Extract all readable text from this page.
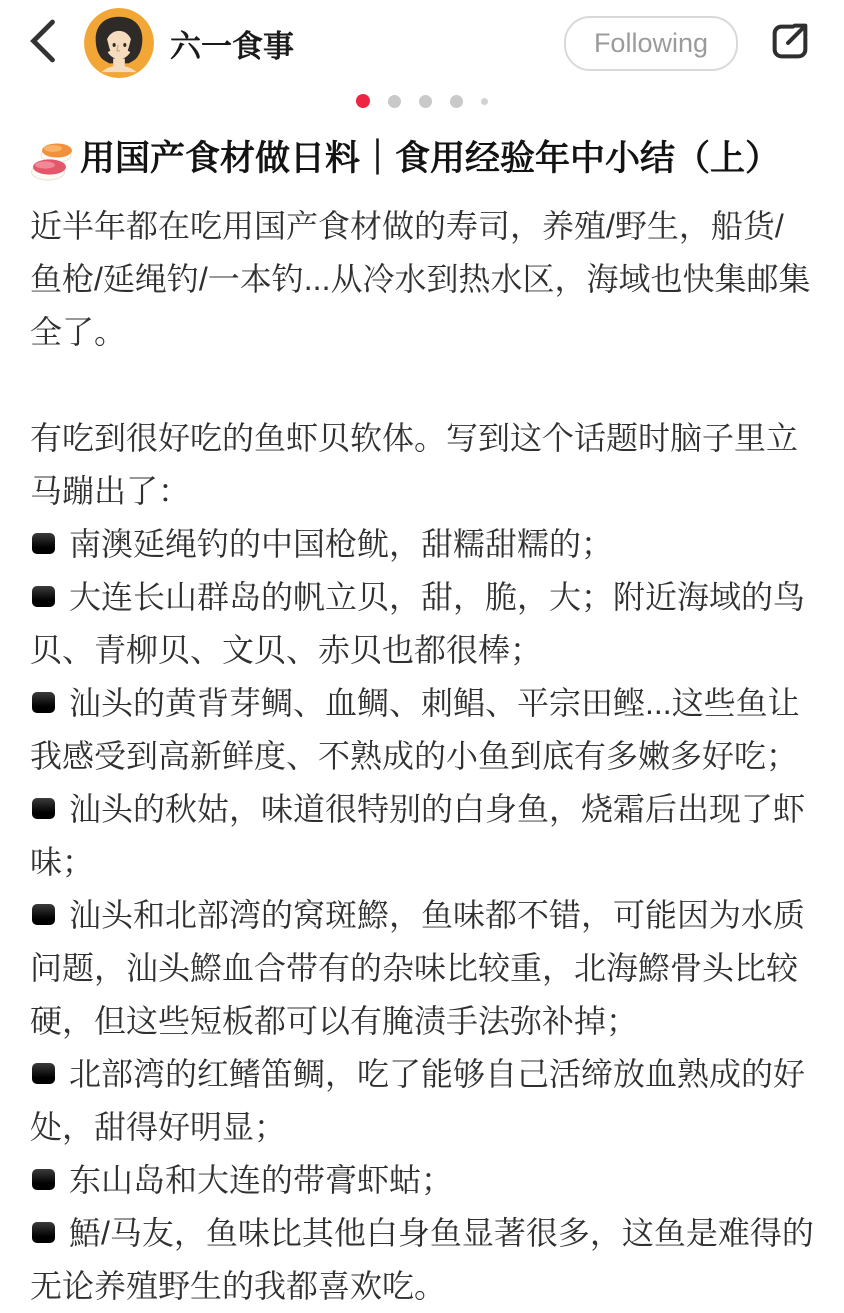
六一食事	Following
用国产食材做日料｜食用经验年中小结（上）

近半年都在吃用国产食材做的寿司，养殖/野生，船货/鱼枪/延绳钓/一本钓...从冷水到热水区，海域也快集邮集全了。

有吃到很好吃的鱼虾贝软体。写到这个话题时脑子里立马蹦出了：

南澳延绳钓的中国枪鱿，甜糯甜糯的；

大连长山群岛的帆立贝，甜，脆，大；附近海域的鸟贝、青柳贝、文贝、赤贝也都很棒；

汕头的黄背芽鲷、血鲷、刺鲳、平宗田鲣...这些鱼让我感受到高新鲜度、不熟成的小鱼到底有多嫩多好吃；

汕头的秋姑，味道很特别的白身鱼，烧霜后出现了虾味；

汕头和北部湾的窝斑鰶，鱼味都不错，可能因为水质问题，汕头鰶血合带有的杂味比较重，北海鰶骨头比较硬，但这些短板都可以有腌渍手法弥补掉；

北部湾的红鳍笛鲷，吃了能够自己活缔放血熟成的好处，甜得好明显；

东山岛和大连的带膏虾蛄；

鯃/马友，鱼味比其他白身鱼显著很多，这鱼是难得的无论养殖野生的我都喜欢吃。
